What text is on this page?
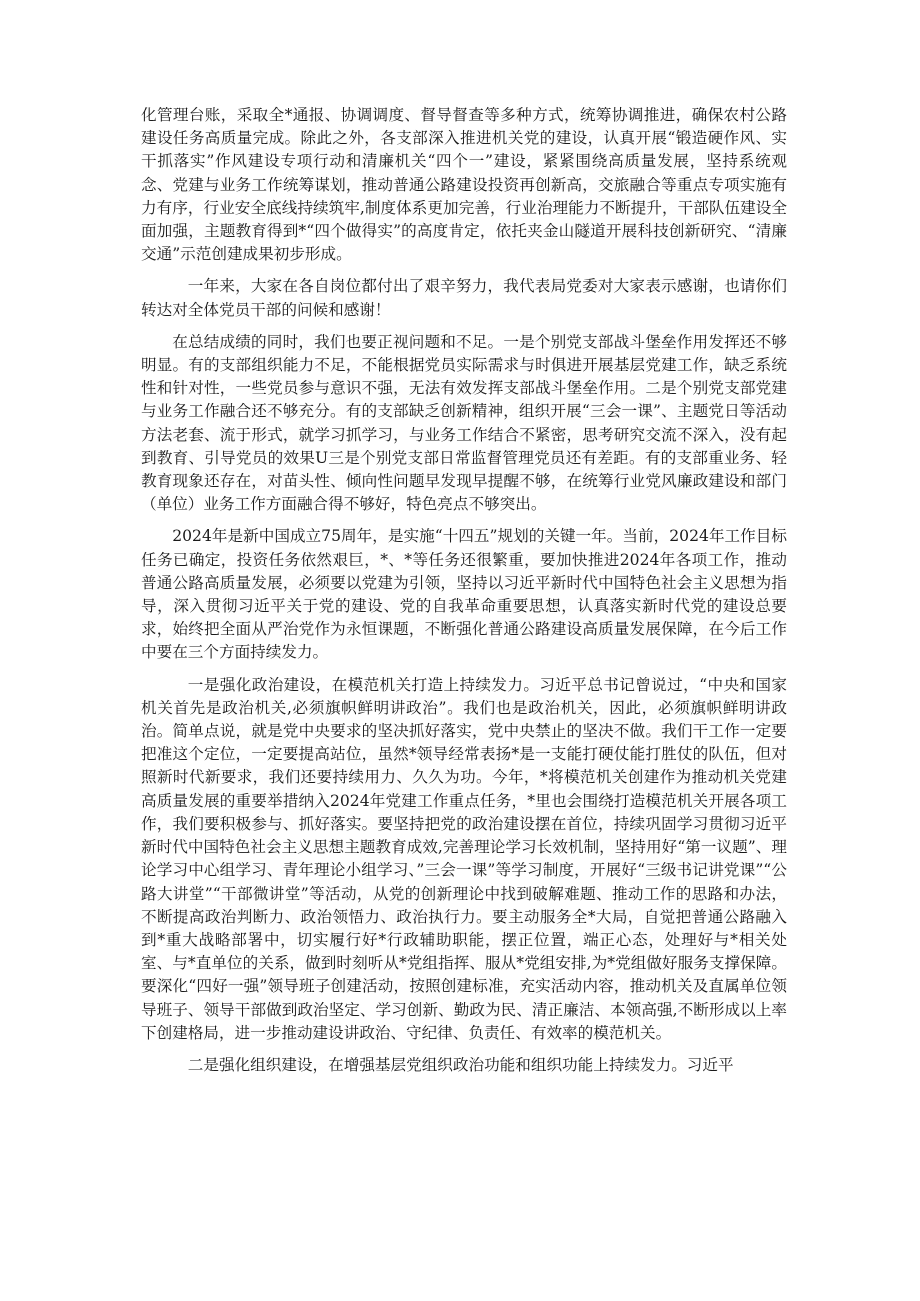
化管理台账，采取全*通报、协调调度、督导督查等多种方式，统筹协调推进，确保农村公路建设任务高质量完成。除此之外，各支部深入推进机关党的建设，认真开展“锻造硬作风、实干抓落实”作风建设专项行动和清廉机关“四个一”建设，紧紧围绕高质量发展，坚持系统观念、党建与业务工作统筹谋划，推动普通公路建设投资再创新高，交旅融合等重点专项实施有力有序，行业安全底线持续筑牢,制度体系更加完善，行业治理能力不断提升，干部队伍建设全面加强，主题教育得到*“四个做得实”的高度肯定，依托夹金山隧道开展科技创新研究、“清廉交通”示范创建成果初步形成。

一年来，大家在各自岗位都付出了艰辛努力，我代表局党委对大家表示感谢，也请你们转达对全体党员干部的问候和感谢！

在总结成绩的同时，我们也要正视问题和不足。一是个别党支部战斗堡垒作用发挥还不够明显。有的支部组织能力不足，不能根据党员实际需求与时俱进开展基层党建工作，缺乏系统性和针对性，一些党员参与意识不强，无法有效发挥支部战斗堡垒作用。二是个别党支部党建与业务工作融合还不够充分。有的支部缺乏创新精神，组织开展“三会一课”、主题党日等活动方法老套、流于形式，就学习抓学习，与业务工作结合不紧密，思考研究交流不深入，没有起到教育、引导党员的效果U三是个别党支部日常监督管理党员还有差距。有的支部重业务、轻教育现象还存在，对苗头性、倾向性问题早发现早提醒不够，在统筹行业党风廉政建设和部门（单位）业务工作方面融合得不够好，特色亮点不够突出。

2024年是新中国成立75周年，是实施“十四五”规划的关键一年。当前，2024年工作目标任务已确定，投资任务依然艰巨，*、*等任务还很繁重，要加快推进2024年各项工作，推动普通公路高质量发展，必须要以党建为引领，坚持以习近平新时代中国特色社会主义思想为指导，深入贯彻习近平关于党的建设、党的自我革命重要思想，认真落实新时代党的建设总要求，始终把全面从严治党作为永恒课题，不断强化普通公路建设高质量发展保障，在今后工作中要在三个方面持续发力。

一是强化政治建设，在模范机关打造上持续发力。习近平总书记曾说过，“中央和国家机关首先是政治机关,必须旗帜鲜明讲政治”。我们也是政治机关，因此，必须旗帜鲜明讲政治。简单点说，就是党中央要求的坚决抓好落实，党中央禁止的坚决不做。我们干工作一定要把准这个定位，一定要提高站位，虽然*领导经常表扬*是一支能打硬仗能打胜仗的队伍，但对照新时代新要求，我们还要持续用力、久久为功。今年，*将模范机关创建作为推动机关党建高质量发展的重要举措纳入2024年党建工作重点任务，*里也会围绕打造模范机关开展各项工作，我们要积极参与、抓好落实。要坚持把党的政治建设摆在首位，持续巩固学习贯彻习近平新时代中国特色社会主义思想主题教育成效,完善理论学习长效机制，坚持用好“第一议题”、理论学习中心组学习、青年理论小组学习、”三会一课”等学习制度，开展好“三级书记讲党课”“公路大讲堂”“干部微讲堂”等活动，从党的创新理论中找到破解难题、推动工作的思路和办法，不断提高政治判断力、政治领悟力、政治执行力。要主动服务全*大局，自觉把普通公路融入到*重大战略部署中，切实履行好*行政辅助职能，摆正位置，端正心态，处理好与*相关处室、与*直单位的关系，做到时刻听从*党组指挥、服从*党组安排,为*党组做好服务支撑保障。要深化“四好一强”领导班子创建活动，按照创建标准，充实活动内容，推动机关及直属单位领导班子、领导干部做到政治坚定、学习创新、勤政为民、清正廉洁、本领高强,不断形成以上率下创建格局，进一步推动建设讲政治、守纪律、负责任、有效率的模范机关。

二是强化组织建设，在增强基层党组织政治功能和组织功能上持续发力。习近平
